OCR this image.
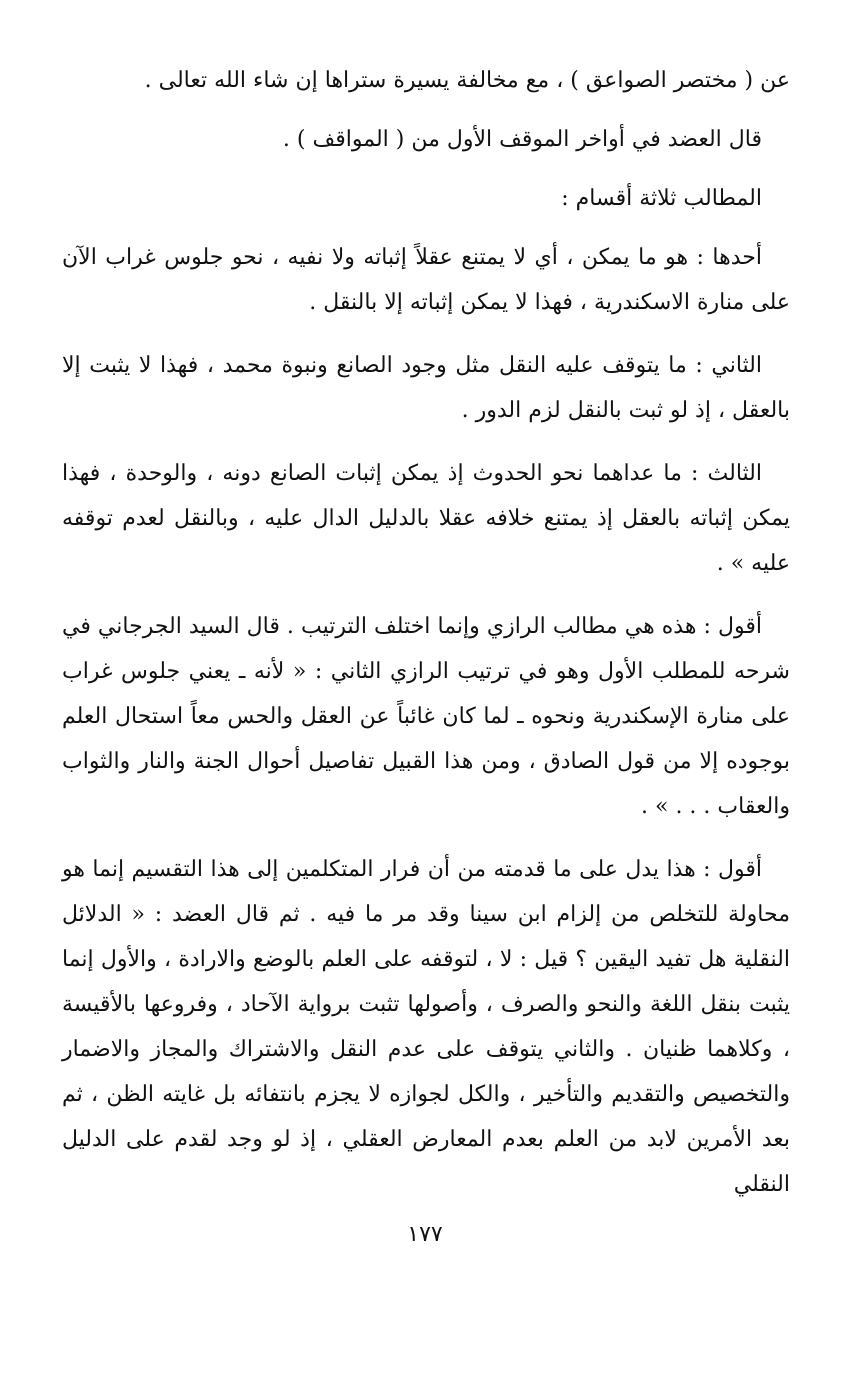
عن ( مختصر الصواعق ) ، مع مخالفة يسيرة ستراها إن شاء الله تعالى .

قال العضد في أواخر الموقف الأول من ( المواقف ) .

المطالب ثلاثة أقسام :

أحدها : هو ما يمكن ، أي لا يمتنع عقلاً إثباته ولا نفيه ، نحو جلوس غراب الآن على منارة الاسكندرية ، فهذا لا يمكن إثباته إلا بالنقل .

الثاني : ما يتوقف عليه النقل مثل وجود الصانع ونبوة محمد ، فهذا لا يثبت إلا بالعقل ، إذ لو ثبت بالنقل لزم الدور .

الثالث : ما عداهما نحو الحدوث إذ يمكن إثبات الصانع دونه ، والوحدة ، فهذا يمكن إثباته بالعقل إذ يمتنع خلافه عقلا بالدليل الدال عليه ، وبالنقل لعدم توقفه عليه » .

أقول : هذه هي مطالب الرازي وإنما اختلف الترتيب . قال السيد الجرجاني في شرحه للمطلب الأول وهو في ترتيب الرازي الثاني : « لأنه ـ يعني جلوس غراب على منارة الإسكندرية ونحوه ـ لما كان غائباً عن العقل والحس معاً استحال العلم بوجوده إلا من قول الصادق ، ومن هذا القبيل تفاصيل أحوال الجنة والنار والثواب والعقاب . . . » .

أقول : هذا يدل على ما قدمته من أن فرار المتكلمين إلى هذا التقسيم إنما هو محاولة للتخلص من إلزام ابن سينا وقد مر ما فيه . ثم قال العضد : « الدلائل النقلية هل تفيد اليقين ؟ قيل : لا ، لتوقفه على العلم بالوضع والارادة ، والأول إنما يثبت بنقل اللغة والنحو والصرف ، وأصولها تثبت برواية الآحاد ، وفروعها بالأقيسة ، وكلاهما ظنيان . والثاني يتوقف على عدم النقل والاشتراك والمجاز والاضمار والتخصيص والتقديم والتأخير ، والكل لجوازه لا يجزم بانتفائه بل غايته الظن ، ثم بعد الأمرين لابد من العلم بعدم المعارض العقلي ، إذ لو وجد لقدم على الدليل النقلي

١٧٧
